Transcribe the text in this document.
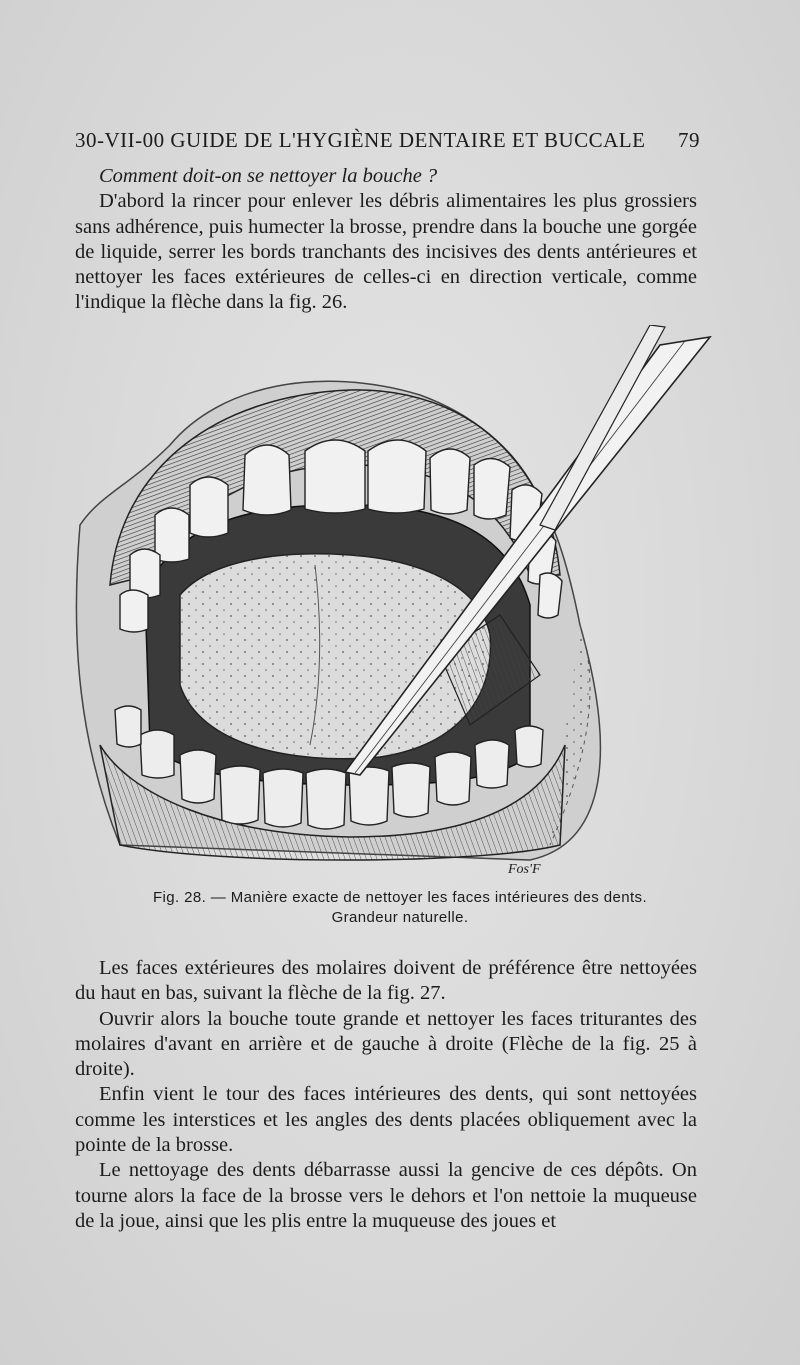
30-VII-00 GUIDE DE L'HYGIÈNE DENTAIRE ET BUCCALE 79

Comment doit-on se nettoyer la bouche ?

D'abord la rincer pour enlever les débris alimentaires les plus grossiers sans adhérence, puis humecter la brosse, prendre dans la bouche une gorgée de liquide, serrer les bords tranchants des incisives des dents antérieures et nettoyer les faces extérieures de celles-ci en direction verticale, comme l'indique la flèche dans la fig. 26.

Fos'F
Fig. 28. — Manière exacte de nettoyer les faces intérieures des dents.
Grandeur naturelle.

Les faces extérieures des molaires doivent de préférence être nettoyées du haut en bas, suivant la flèche de la fig. 27.

Ouvrir alors la bouche toute grande et nettoyer les faces triturantes des molaires d'avant en arrière et de gauche à droite (Flèche de la fig. 25 à droite).

Enfin vient le tour des faces intérieures des dents, qui sont nettoyées comme les interstices et les angles des dents placées obliquement avec la pointe de la brosse.

Le nettoyage des dents débarrasse aussi la gencive de ces dépôts. On tourne alors la face de la brosse vers le dehors et l'on nettoie la muqueuse de la joue, ainsi que les plis entre la muqueuse des joues et
